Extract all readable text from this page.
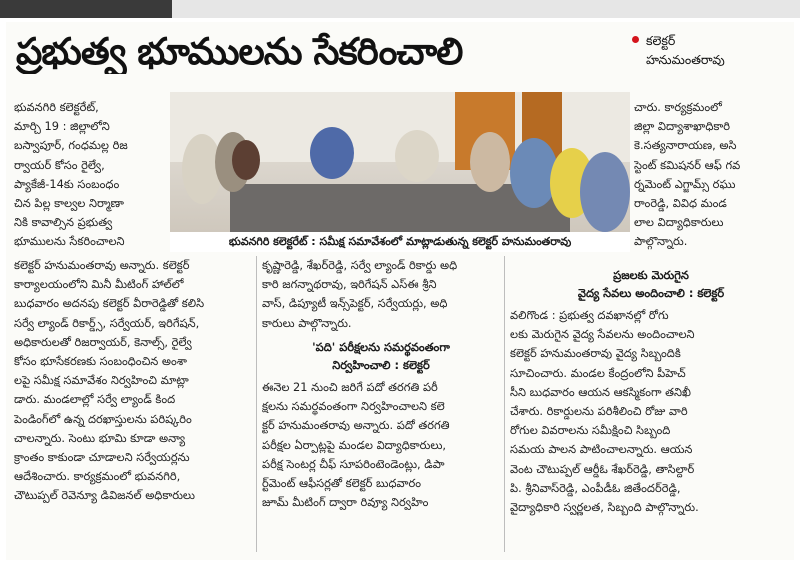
ప్రభుత్వ భూములను సేకరించాలి	కలెక్టర్
హనుమంతరావు
భువనగిరి కలెక్టరేట్ : సమీక్ష సమావేశంలో మాట్లాడుతున్న కలెక్టర్ హనుమంతరావు

భువనగిరి కలెక్టరేట్,

మార్చి 19 : జిల్లాలోని

బస్వాపూర్, గంధమల్ల రిజ

ర్వాయర్ కోసం రైల్వే,

ప్యాకేజీ-14కు సంబంధం

చిన పిల్ల కాల్వల నిర్మాణా

నికి కావాల్సిన ప్రభుత్వ

భూములను సేకరించాలని

కలెక్టర్ హనుమంతరావు అన్నారు. కలెక్టర్

కార్యాలయంలోని మినీ మీటింగ్ హాల్‌లో

బుధవారం అదనపు కలెక్టర్ వీరారెడ్డితో కలిసి

సర్వే ల్యాండ్ రికార్డ్స్, సర్వేయర్, ఇరిగేషన్,

అధికారులతో రిజర్వాయర్, కెనాల్స్, రైల్వే

కోసం భూసేకరణకు సంబంధించిన అంశా

లపై సమీక్ష సమావేశం నిర్వహించి మాట్లా

డారు. మండలాల్లో సర్వే ల్యాండ్ కింద

పెండింగ్‌లో ఉన్న దరఖాస్తులను పరిష్కరిం

చాలన్నారు. సెంటు భూమి కూడా అన్యా

క్రాంతం కాకుండా చూడాలని సర్వేయర్లను

ఆదేశించారు. కార్యక్రమంలో భువనగిరి,

చౌటుప్పల్ రెవెన్యూ డివిజనల్ అధికారులు

కృష్ణారెడ్డి, శేఖర్‌రెడ్డి, సర్వే ల్యాండ్ రికార్డు అధి

కారి జగన్నాథరావు, ఇరిగేషన్ ఎస్‌ఈ శ్రీని

వాస్, డిప్యూటీ ఇన్స్‌పెక్టర్, సర్వేయర్లు, అధి

కారులు పాల్గొన్నారు.

'పది' పరీక్షలను సమర్థవంతంగా
నిర్వహించాలి : కలెక్టర్

ఈనెల 21 నుంచి జరిగే పదో తరగతి పరీ

క్షలను సమర్థవంతంగా నిర్వహించాలని కలె

క్టర్ హనుమంతరావు అన్నారు. పదో తరగతి

పరీక్షల ఏర్పాట్లపై మండల విద్యాధికారులు,

పరీక్ష సెంటర్ల చీఫ్ సూపరింటెండెంట్లు, డిపా

ర్ట్‌మెంట్ ఆఫీసర్లతో కలెక్టర్ బుధవారం

జూమ్ మీటింగ్ ద్వారా రివ్యూ నిర్వహిం

చారు. కార్యక్రమంలో

జిల్లా విద్యాశాఖాధికారి

కె.సత్యనారాయణ, అసి

స్టెంట్ కమిషనర్ ఆఫ్ గవ

ర్నమెంట్ ఎగ్జామ్స్ రఘు

రాంరెడ్డి, వివిధ మండ

లాల విద్యాధికారులు

పాల్గొన్నారు.

ప్రజలకు మెరుగైన
వైద్య సేవలు అందించాలి : కలెక్టర్

వలిగొండ : ప్రభుత్వ దవఖానల్లో రోగు

లకు మెరుగైన వైద్య సేవలను అందించాలని

కలెక్టర్ హనుమంతరావు వైద్య సిబ్బందికి

సూచించారు. మండల కేంద్రంలోని పీహెచ్

సీని బుధవారం ఆయన ఆకస్మికంగా తనిఖీ

చేశారు. రికార్డులను పరిశీలించి రోజు వారి

రోగుల వివరాలను సమీక్షించి సిబ్బంది

సమయ పాలన పాటించాలన్నారు. ఆయన

వెంట చౌటుప్పల్ ఆర్డీఓ శేఖర్‌రెడ్డి, తాసిల్దార్

పి. శ్రీనివాస్‌రెడ్డి, ఎంపీడీఓ జితేందర్‌రెడ్డి,

వైద్యాధికారి స్వర్ణలత, సిబ్బంది పాల్గొన్నారు.
